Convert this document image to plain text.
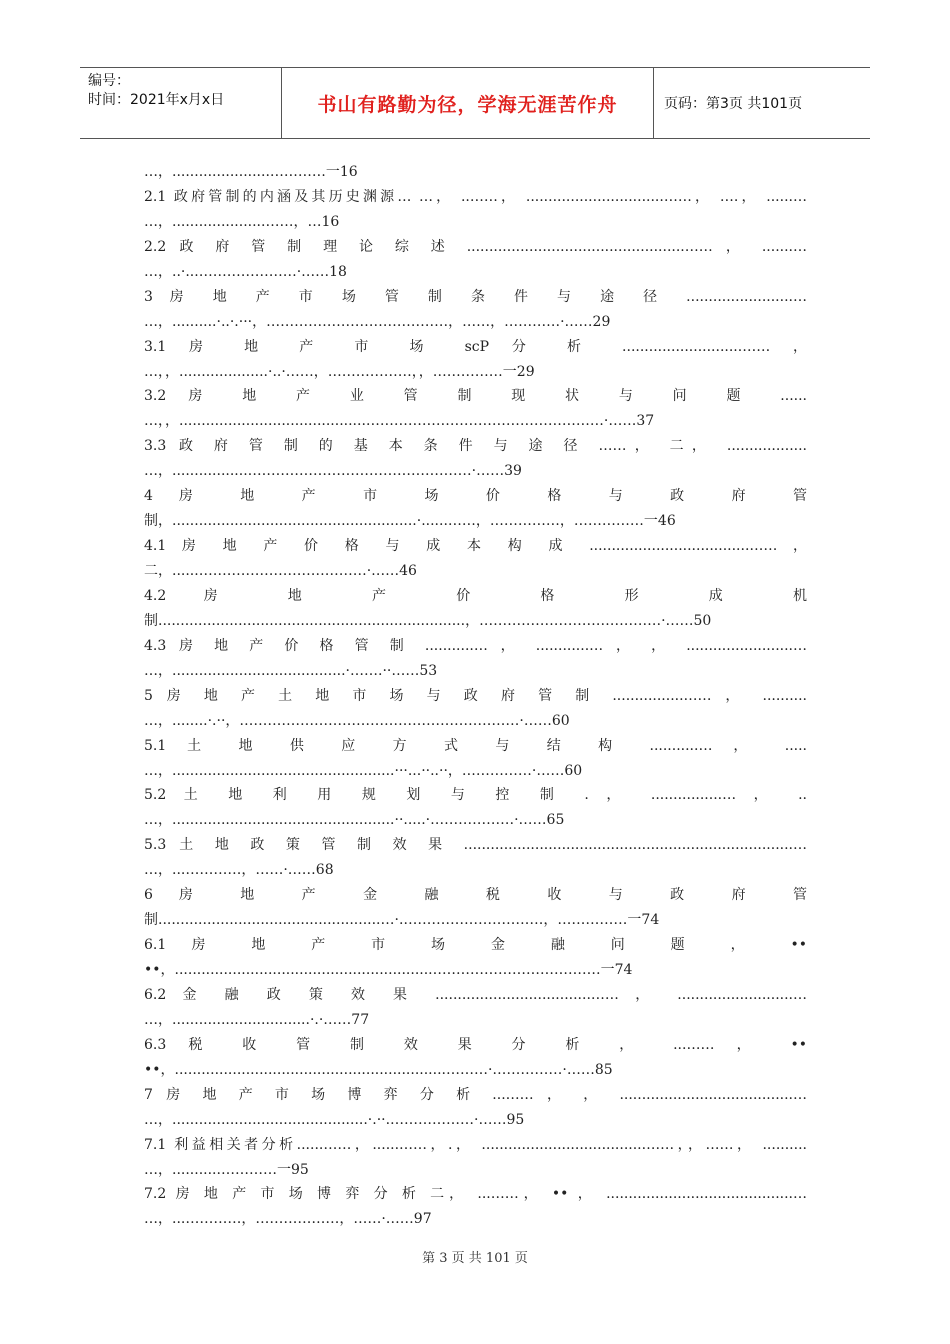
编号：
时间：2021年x月x日	书山有路勤为径，学海无涯苦作舟	页码：第3页 共101页
…，......................…………一16
2.1 政府管制的内涵及其历史渊源… …， ..……， ...............................……， ….， ......…
…，.....................……，…16
2.2 政 府 管 制 理 论 综 述 .................................................…… ， .......…
…，..·...…………………·……18
3 房 地 产 市 场 管 制 条 件 与 途 径 ........................…
…，..........·..·.···，…………………………………，……，…………·……29
3.1 房 地 产 市 场 scP 分 析 ...........................…… ，
…，，....................·..·……，………………，，……………一29
3.2 房 地 产 业 管 制 现 状 与 问 题 ......
…，，..........................................……………………………………………·……37
3.3 政 府 管 制 的 基 本 条 件 与 途 径 ……， 二， ..................
…，.................…………………………………………·……39
4 房 地 产 市 场 价 格 与 政 府 管
制，.......................................................·......……，……………，……………一46
4.1 房 地 产 价 格 与 成 本 构 成 ....................................…… ，
二，......………………………………·……46
4.2 房 地 产 价 格 形 成 机
制.....................................................................，…………………………………·……50
4.3 房 地 产 价 格 管 制 ...........… ， ............… ， ， ........................…
…，.......................................·…….··……53
5 房 地 产 土 地 市 场 与 政 府 管 制 ................…… ， ..........
…，........·.··，……………………………………………………·……60
5.1 土 地 供 应 方 式 与 结 构 ...........… ， .....
…，..................................................···...··..··，……………·……60
5.2 土 地 利 用 规 划 与 控 制 . ， ................… ， ..
…，..................................................··.....·………………·……65
5.3 土 地 政 策 管 制 效 果 ..........................................................................…
…，...…………，……·……68
6 房 地 产 金 融 税 收 与 政 府 管
制..................................................…·.…………………………，……………一74
6.1 房 地 产 市 场 金 融 问 题 ， ••
••，..........................................................………………………………一74
6.2 金 融 政 策 效 果 ...................................…… ， ..........................…
…，...............................·.·……77
6.3 税 收 管 制 效 果 分 析 ， ...…… ， ••
••，.............................................................………·……………·……85
7 房 地 产 市 场 博 弈 分 析 ...…… ， ， .......................................…
…，............................................·.··.………………·……95
7.1 利益相关者分析......……，......……，.， .....................................……，，……， ..........
…，...........…………一95
7.2 房 地 产 市 场 博 弈 分 析 二， ...……， •• ， ..........................................…
…，...…………，………………，……·……97
第 3 页 共 101 页
